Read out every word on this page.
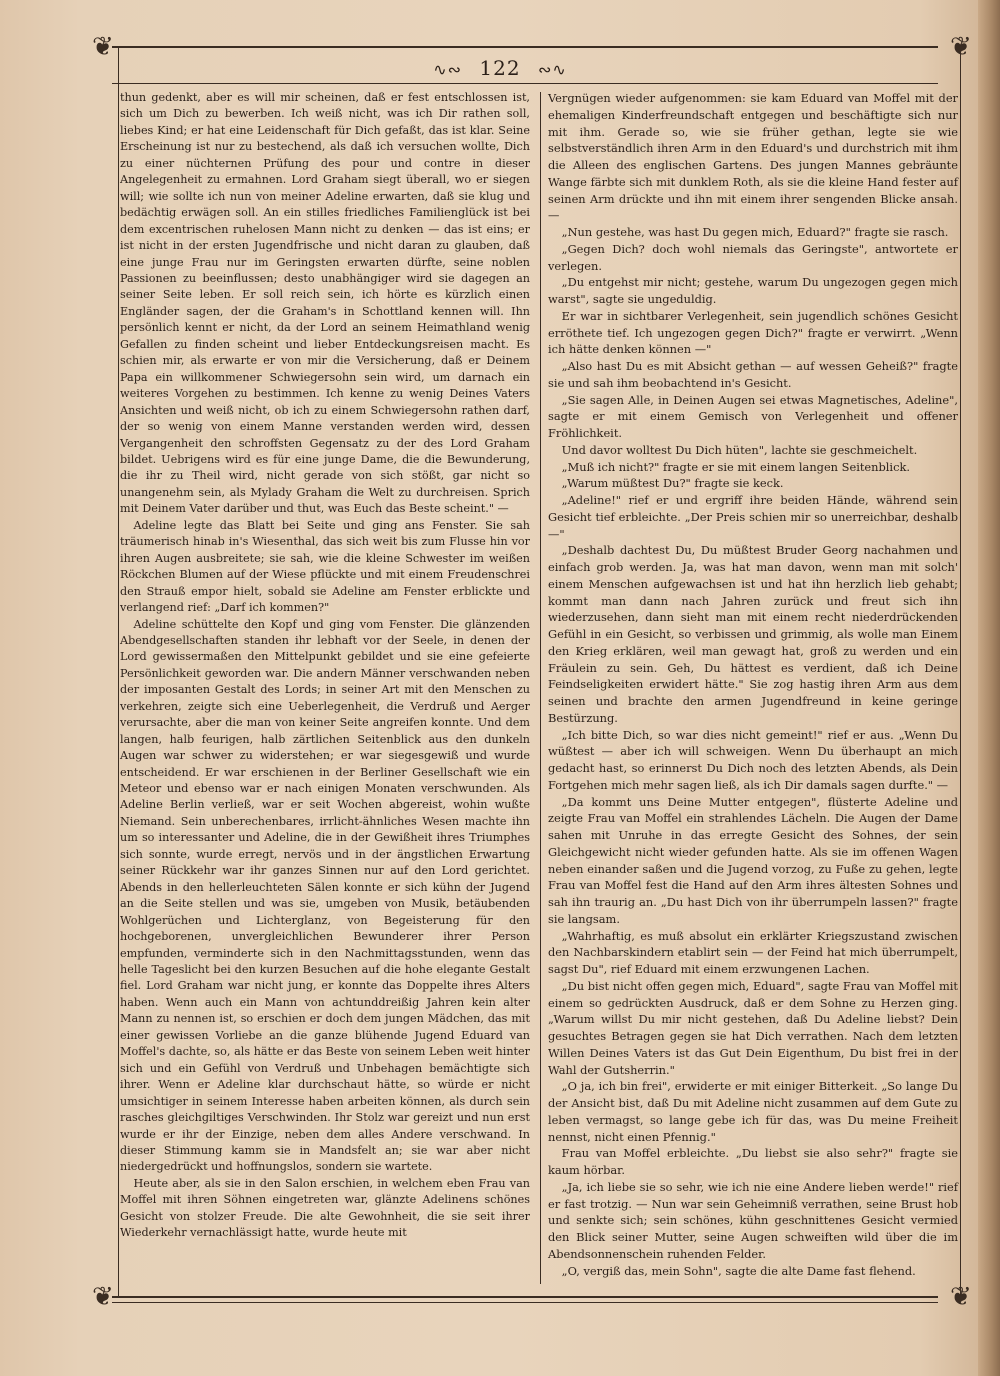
❦	❦
❦	❦
∿∾ 122 ∾∿

thun gedenkt, aber es will mir scheinen, daß er fest entschlossen ist, sich um Dich zu bewerben. Ich weiß nicht, was ich Dir rathen soll, liebes Kind; er hat eine Leidenschaft für Dich gefaßt, das ist klar. Seine Erscheinung ist nur zu bestechend, als daß ich versuchen wollte, Dich zu einer nüchternen Prüfung des pour und contre in dieser Angelegenheit zu ermahnen. Lord Graham siegt überall, wo er siegen will; wie sollte ich nun von meiner Adeline erwarten, daß sie klug und bedächtig erwägen soll. An ein stilles friedliches Familienglück ist bei dem excentrischen ruhelosen Mann nicht zu denken — das ist eins; er ist nicht in der ersten Jugendfrische und nicht daran zu glauben, daß eine junge Frau nur im Geringsten erwarten dürfte, seine noblen Passionen zu beeinflussen; desto unabhängiger wird sie dagegen an seiner Seite leben. Er soll reich sein, ich hörte es kürzlich einen Engländer sagen, der die Graham's in Schottland kennen will. Ihn persönlich kennt er nicht, da der Lord an seinem Heimathland wenig Gefallen zu finden scheint und lieber Entdeckungsreisen macht. Es schien mir, als erwarte er von mir die Versicherung, daß er Deinem Papa ein willkommener Schwiegersohn sein wird, um darnach ein weiteres Vorgehen zu bestimmen. Ich kenne zu wenig Deines Vaters Ansichten und weiß nicht, ob ich zu einem Schwiegersohn rathen darf, der so wenig von einem Manne verstanden werden wird, dessen Vergangenheit den schroffsten Gegensatz zu der des Lord Graham bildet. Uebrigens wird es für eine junge Dame, die die Bewunderung, die ihr zu Theil wird, nicht gerade von sich stößt, gar nicht so unangenehm sein, als Mylady Graham die Welt zu durchreisen. Sprich mit Deinem Vater darüber und thut, was Euch das Beste scheint." —

Adeline legte das Blatt bei Seite und ging ans Fenster. Sie sah träumerisch hinab in's Wiesenthal, das sich weit bis zum Flusse hin vor ihren Augen ausbreitete; sie sah, wie die kleine Schwester im weißen Röckchen Blumen auf der Wiese pflückte und mit einem Freudenschrei den Strauß empor hielt, sobald sie Adeline am Fenster erblickte und verlangend rief: „Darf ich kommen?"

Adeline schüttelte den Kopf und ging vom Fenster. Die glänzenden Abendgesellschaften standen ihr lebhaft vor der Seele, in denen der Lord gewissermaßen den Mittelpunkt gebildet und sie eine gefeierte Persönlichkeit geworden war. Die andern Männer verschwanden neben der imposanten Gestalt des Lords; in seiner Art mit den Menschen zu verkehren, zeigte sich eine Ueberlegenheit, die Verdruß und Aerger verursachte, aber die man von keiner Seite angreifen konnte. Und dem langen, halb feurigen, halb zärtlichen Seitenblick aus den dunkeln Augen war schwer zu widerstehen; er war siegesgewiß und wurde entscheidend. Er war erschienen in der Berliner Gesellschaft wie ein Meteor und ebenso war er nach einigen Monaten verschwunden. Als Adeline Berlin verließ, war er seit Wochen abgereist, wohin wußte Niemand. Sein unberechenbares, irrlicht-ähnliches Wesen machte ihn um so interessanter und Adeline, die in der Gewißheit ihres Triumphes sich sonnte, wurde erregt, nervös und in der ängstlichen Erwartung seiner Rückkehr war ihr ganzes Sinnen nur auf den Lord gerichtet. Abends in den hellerleuchteten Sälen konnte er sich kühn der Jugend an die Seite stellen und was sie, umgeben von Musik, betäubenden Wohlgerüchen und Lichterglanz, von Begeisterung für den hochgeborenen, unvergleichlichen Bewunderer ihrer Person empfunden, verminderte sich in den Nachmittagsstunden, wenn das helle Tageslicht bei den kurzen Besuchen auf die hohe elegante Gestalt fiel. Lord Graham war nicht jung, er konnte das Doppelte ihres Alters haben. Wenn auch ein Mann von achtunddreißig Jahren kein alter Mann zu nennen ist, so erschien er doch dem jungen Mädchen, das mit einer gewissen Vorliebe an die ganze blühende Jugend Eduard van Moffel's dachte, so, als hätte er das Beste von seinem Leben weit hinter sich und ein Gefühl von Verdruß und Unbehagen bemächtigte sich ihrer. Wenn er Adeline klar durchschaut hätte, so würde er nicht umsichtiger in seinem Interesse haben arbeiten können, als durch sein rasches gleichgiltiges Verschwinden. Ihr Stolz war gereizt und nun erst wurde er ihr der Einzige, neben dem alles Andere verschwand. In dieser Stimmung kamm sie in Mandsfelt an; sie war aber nicht niedergedrückt und hoffnungslos, sondern sie wartete.

Heute aber, als sie in den Salon erschien, in welchem eben Frau van Moffel mit ihren Söhnen eingetreten war, glänzte Adelinens schönes Gesicht von stolzer Freude. Die alte Gewohnheit, die sie seit ihrer Wiederkehr vernachlässigt hatte, wurde heute mit

Vergnügen wieder aufgenommen: sie kam Eduard van Moffel mit der ehemaligen Kinderfreundschaft entgegen und beschäftigte sich nur mit ihm. Gerade so, wie sie früher gethan, legte sie wie selbstverständlich ihren Arm in den Eduard's und durchstrich mit ihm die Alleen des englischen Gartens. Des jungen Mannes gebräunte Wange färbte sich mit dunklem Roth, als sie die kleine Hand fester auf seinen Arm drückte und ihn mit einem ihrer sengenden Blicke ansah. —

„Nun gestehe, was hast Du gegen mich, Eduard?" fragte sie rasch.

„Gegen Dich? doch wohl niemals das Geringste", antwortete er verlegen.

„Du entgehst mir nicht; gestehe, warum Du ungezogen gegen mich warst", sagte sie ungeduldig.

Er war in sichtbarer Verlegenheit, sein jugendlich schönes Gesicht erröthete tief. Ich ungezogen gegen Dich?" fragte er verwirrt. „Wenn ich hätte denken können —"

„Also hast Du es mit Absicht gethan — auf wessen Geheiß?" fragte sie und sah ihm beobachtend in's Gesicht.

„Sie sagen Alle, in Deinen Augen sei etwas Magnetisches, Adeline", sagte er mit einem Gemisch von Verlegenheit und offener Fröhlichkeit.

Und davor wolltest Du Dich hüten", lachte sie geschmeichelt.

„Muß ich nicht?" fragte er sie mit einem langen Seitenblick.

„Warum müßtest Du?" fragte sie keck.

„Adeline!" rief er und ergriff ihre beiden Hände, während sein Gesicht tief erbleichte. „Der Preis schien mir so unerreichbar, deshalb —"

„Deshalb dachtest Du, Du müßtest Bruder Georg nachahmen und einfach grob werden. Ja, was hat man davon, wenn man mit solch' einem Menschen aufgewachsen ist und hat ihn herzlich lieb gehabt; kommt man dann nach Jahren zurück und freut sich ihn wiederzusehen, dann sieht man mit einem recht niederdrückenden Gefühl in ein Gesicht, so verbissen und grimmig, als wolle man Einem den Krieg erklären, weil man gewagt hat, groß zu werden und ein Fräulein zu sein. Geh, Du hättest es verdient, daß ich Deine Feindseligkeiten erwidert hätte." Sie zog hastig ihren Arm aus dem seinen und brachte den armen Jugendfreund in keine geringe Bestürzung.

„Ich bitte Dich, so war dies nicht gemeint!" rief er aus. „Wenn Du wüßtest — aber ich will schweigen. Wenn Du überhaupt an mich gedacht hast, so erinnerst Du Dich noch des letzten Abends, als Dein Fortgehen mich mehr sagen ließ, als ich Dir damals sagen durfte." —

„Da kommt uns Deine Mutter entgegen", flüsterte Adeline und zeigte Frau van Moffel ein strahlendes Lächeln. Die Augen der Dame sahen mit Unruhe in das erregte Gesicht des Sohnes, der sein Gleichgewicht nicht wieder gefunden hatte. Als sie im offenen Wagen neben einander saßen und die Jugend vorzog, zu Fuße zu gehen, legte Frau van Moffel fest die Hand auf den Arm ihres ältesten Sohnes und sah ihn traurig an. „Du hast Dich von ihr überrumpeln lassen?" fragte sie langsam.

„Wahrhaftig, es muß absolut ein erklärter Kriegszustand zwischen den Nachbarskindern etablirt sein — der Feind hat mich überrumpelt, sagst Du", rief Eduard mit einem erzwungenen Lachen.

„Du bist nicht offen gegen mich, Eduard", sagte Frau van Moffel mit einem so gedrückten Ausdruck, daß er dem Sohne zu Herzen ging. „Warum willst Du mir nicht gestehen, daß Du Adeline liebst? Dein gesuchtes Betragen gegen sie hat Dich verrathen. Nach dem letzten Willen Deines Vaters ist das Gut Dein Eigenthum, Du bist frei in der Wahl der Gutsherrin."

„O ja, ich bin frei", erwiderte er mit einiger Bitterkeit. „So lange Du der Ansicht bist, daß Du mit Adeline nicht zusammen auf dem Gute zu leben vermagst, so lange gebe ich für das, was Du meine Freiheit nennst, nicht einen Pfennig."

Frau van Moffel erbleichte. „Du liebst sie also sehr?" fragte sie kaum hörbar.

„Ja, ich liebe sie so sehr, wie ich nie eine Andere lieben werde!" rief er fast trotzig. — Nun war sein Geheimniß verrathen, seine Brust hob und senkte sich; sein schönes, kühn geschnittenes Gesicht vermied den Blick seiner Mutter, seine Augen schweiften wild über die im Abendsonnenschein ruhenden Felder.

„O, vergiß das, mein Sohn", sagte die alte Dame fast flehend.
